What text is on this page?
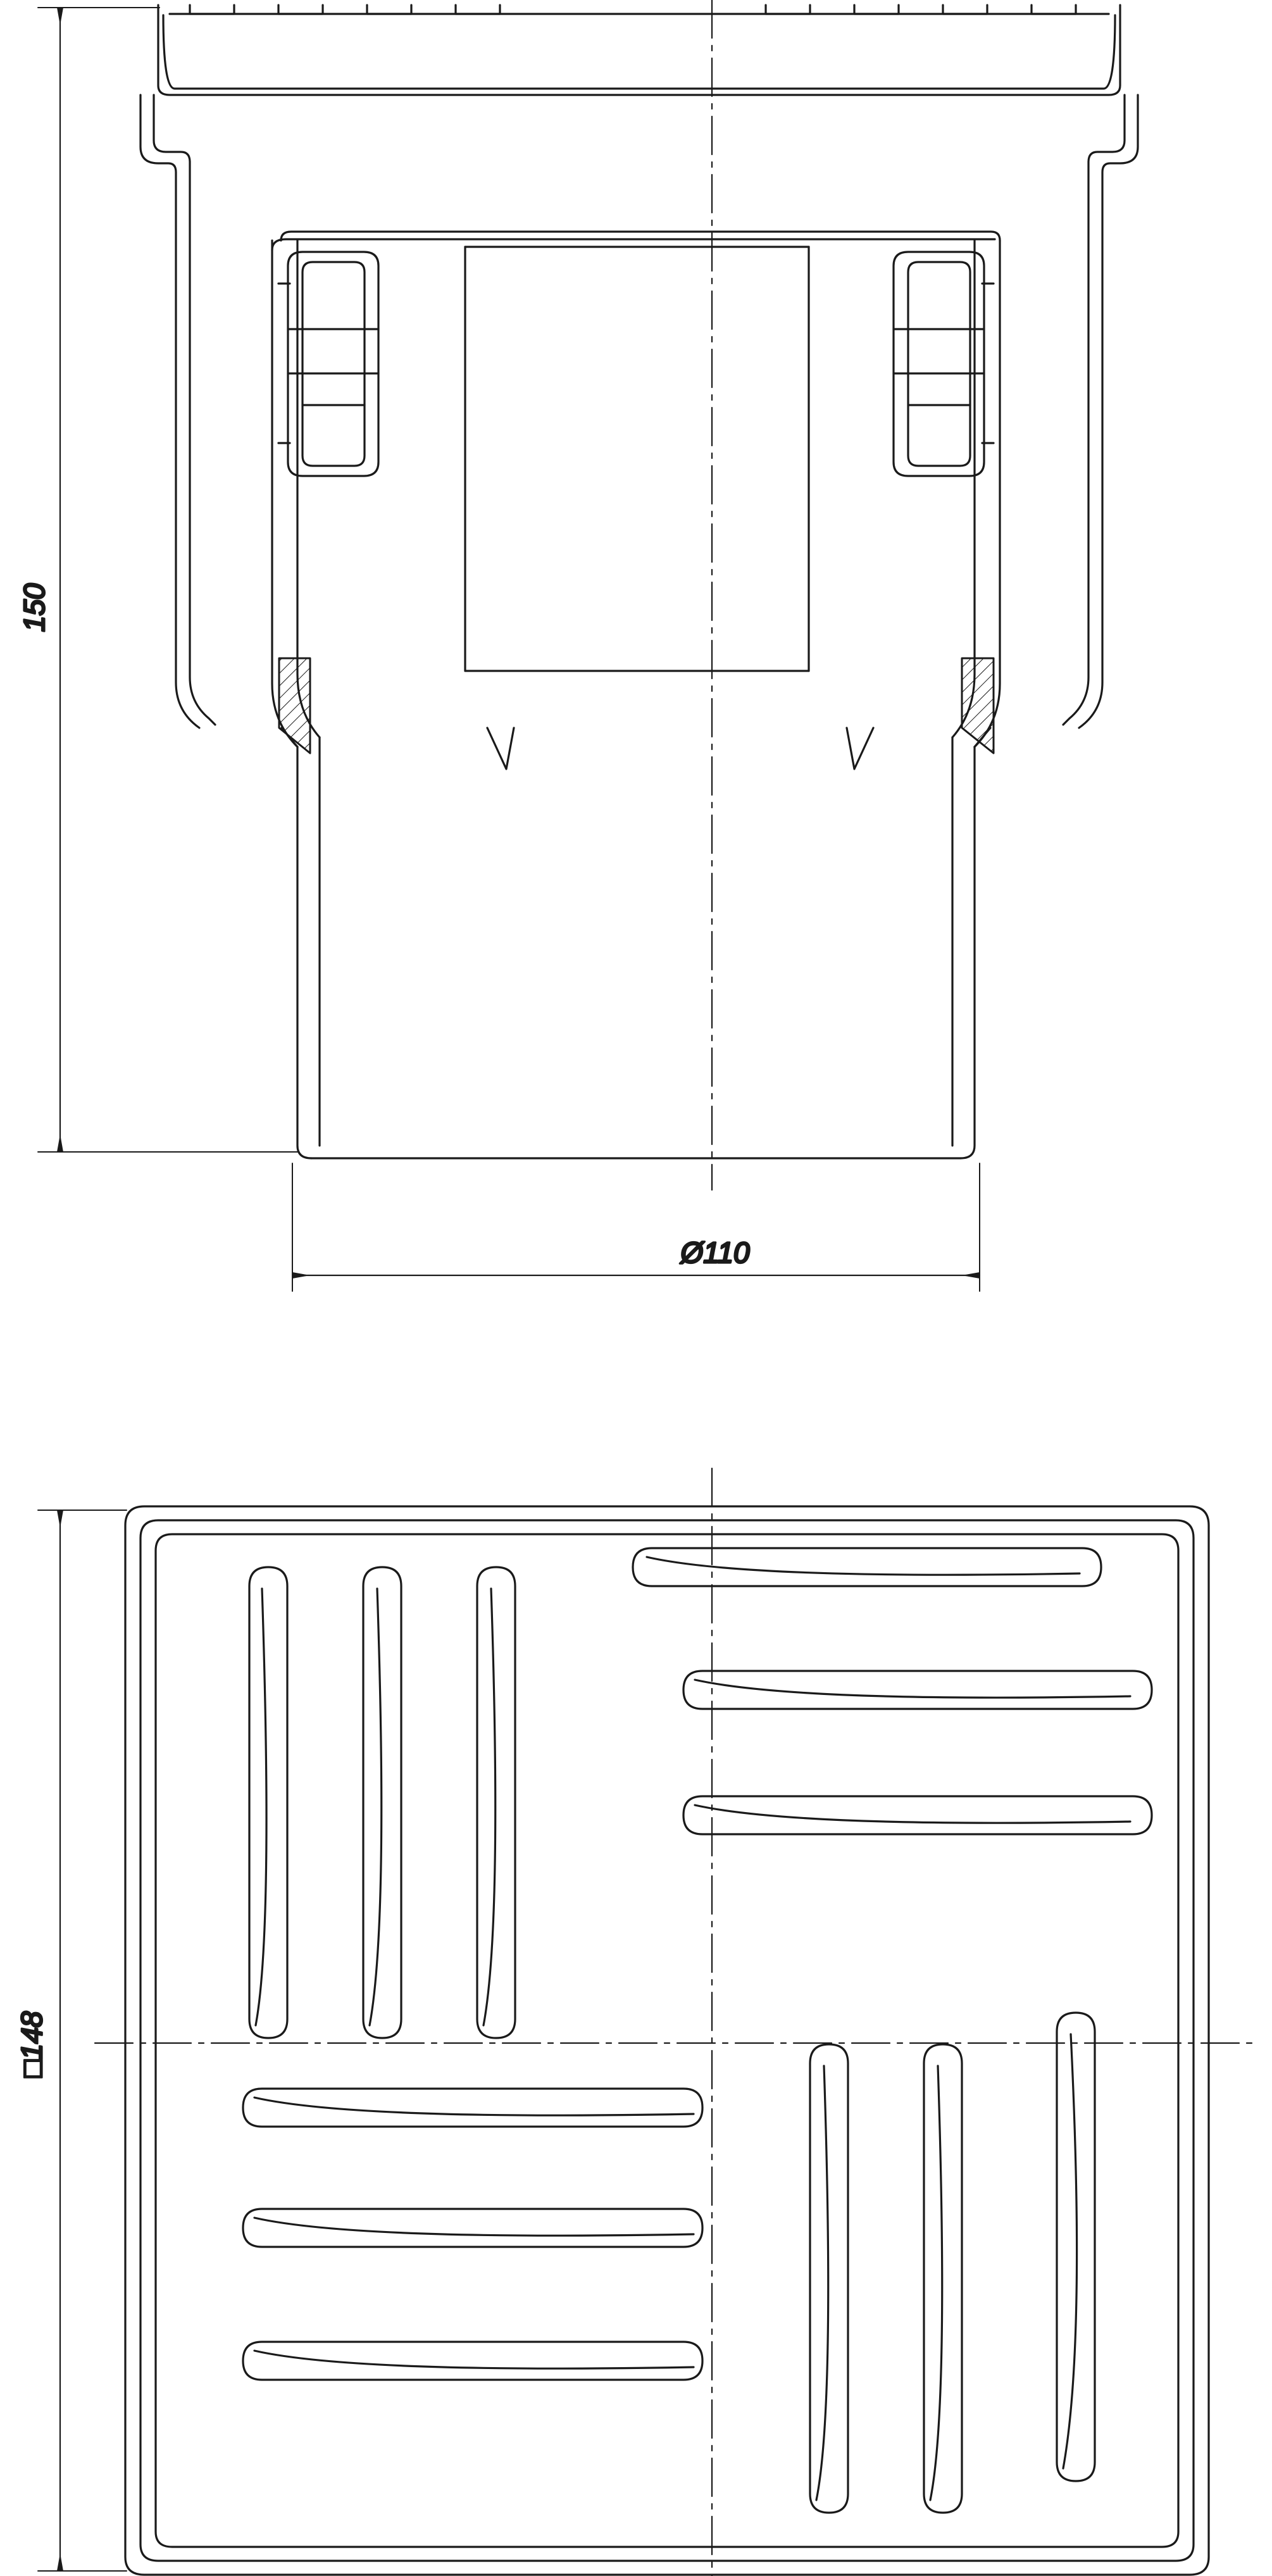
150
Ø110
□148
